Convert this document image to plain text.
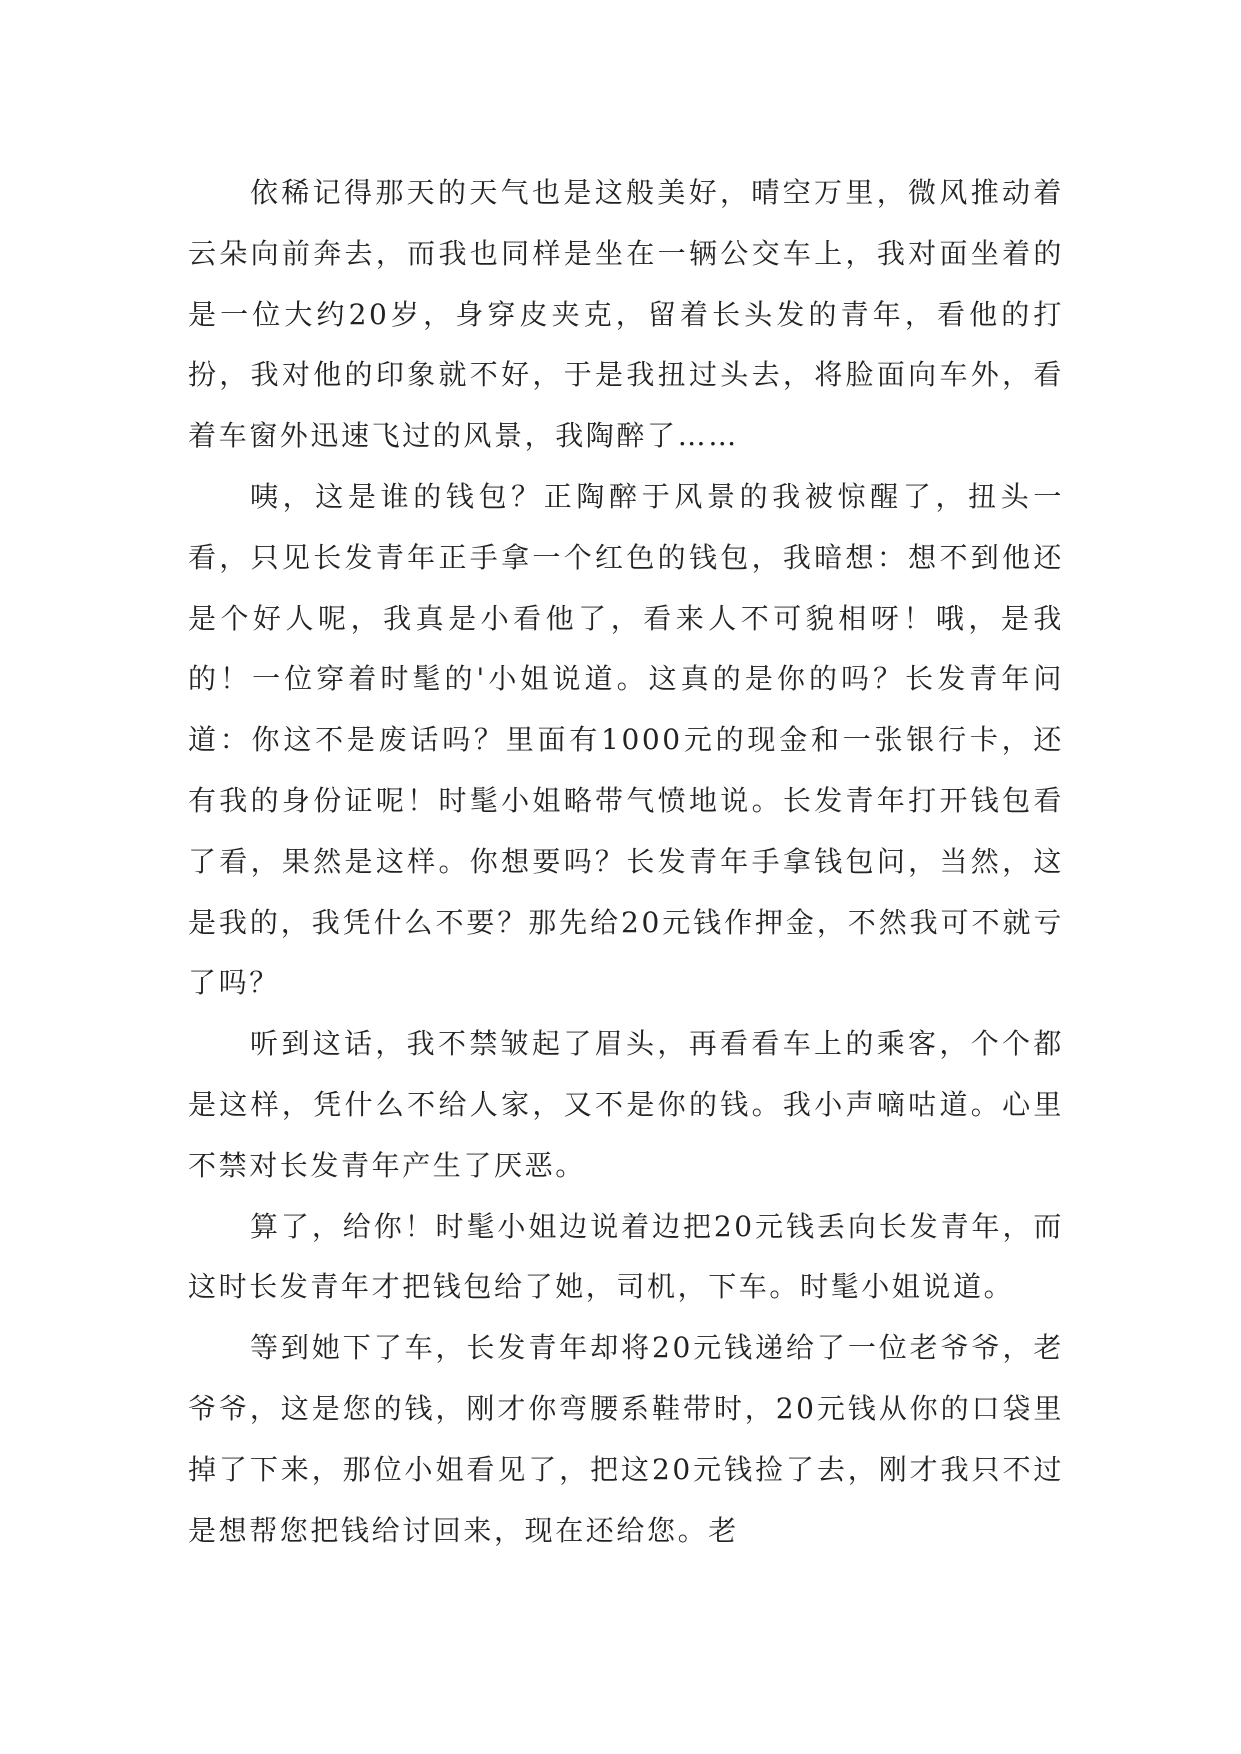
依稀记得那天的天气也是这般美好，晴空万里，微风推动着云朵向前奔去，而我也同样是坐在一辆公交车上，我对面坐着的是一位大约20岁，身穿皮夹克，留着长头发的青年，看他的打扮，我对他的印象就不好，于是我扭过头去，将脸面向车外，看着车窗外迅速飞过的风景，我陶醉了……

咦，这是谁的钱包？正陶醉于风景的我被惊醒了，扭头一看，只见长发青年正手拿一个红色的钱包，我暗想：想不到他还是个好人呢，我真是小看他了，看来人不可貌相呀！哦，是我的！一位穿着时髦的'小姐说道。这真的是你的吗？长发青年问道：你这不是废话吗？里面有1000元的现金和一张银行卡，还有我的身份证呢！时髦小姐略带气愤地说。长发青年打开钱包看了看，果然是这样。你想要吗？长发青年手拿钱包问，当然，这是我的，我凭什么不要？那先给20元钱作押金，不然我可不就亏了吗？

听到这话，我不禁皱起了眉头，再看看车上的乘客，个个都是这样，凭什么不给人家，又不是你的钱。我小声嘀咕道。心里不禁对长发青年产生了厌恶。

算了，给你！时髦小姐边说着边把20元钱丢向长发青年，而这时长发青年才把钱包给了她，司机，下车。时髦小姐说道。

等到她下了车，长发青年却将20元钱递给了一位老爷爷，老爷爷，这是您的钱，刚才你弯腰系鞋带时，20元钱从你的口袋里掉了下来，那位小姐看见了，把这20元钱捡了去，刚才我只不过是想帮您把钱给讨回来，现在还给您。老
